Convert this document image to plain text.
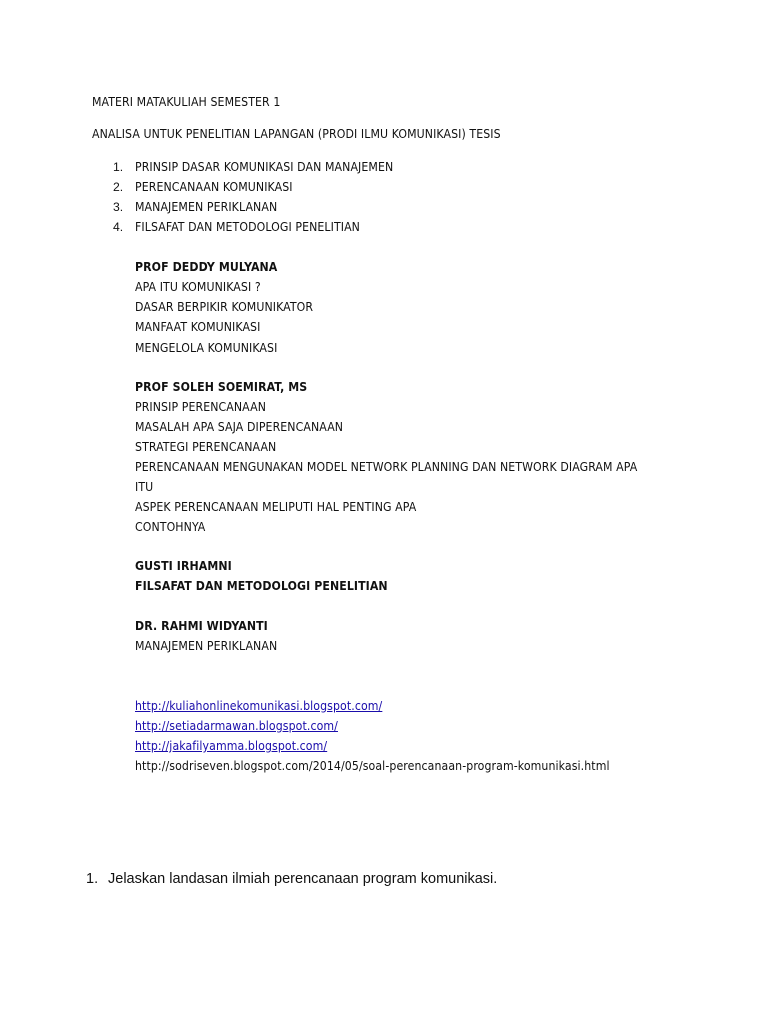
MATERI MATAKULIAH SEMESTER 1
ANALISA UNTUK PENELITIAN LAPANGAN (PRODI ILMU KOMUNIKASI) TESIS
1. PRINSIP DASAR KOMUNIKASI DAN MANAJEMEN
2. PERENCANAAN KOMUNIKASI
3. MANAJEMEN PERIKLANAN
4. FILSAFAT DAN METODOLOGI PENELITIAN
PROF DEDDY MULYANA
APA ITU KOMUNIKASI ?
DASAR BERPIKIR KOMUNIKATOR
MANFAAT KOMUNIKASI
MENGELOLA KOMUNIKASI
PROF SOLEH SOEMIRAT, MS
PRINSIP PERENCANAAN
MASALAH APA SAJA DIPERENCANAAN
STRATEGI PERENCANAAN
PERENCANAAN MENGUNAKAN MODEL NETWORK PLANNING DAN NETWORK DIAGRAM APA
ITU
ASPEK PERENCANAAN MELIPUTI HAL PENTING APA
CONTOHNYA
GUSTI IRHAMNI
FILSAFAT DAN METODOLOGI PENELITIAN
DR. RAHMI WIDYANTI
MANAJEMEN PERIKLANAN
http://kuliahonlinekomunikasi.blogspot.com/
http://setiadarmawan.blogspot.com/
http://jakafilyamma.blogspot.com/
http://sodriseven.blogspot.com/2014/05/soal-perencanaan-program-komunikasi.html
1. Jelaskan landasan ilmiah perencanaan program komunikasi.
